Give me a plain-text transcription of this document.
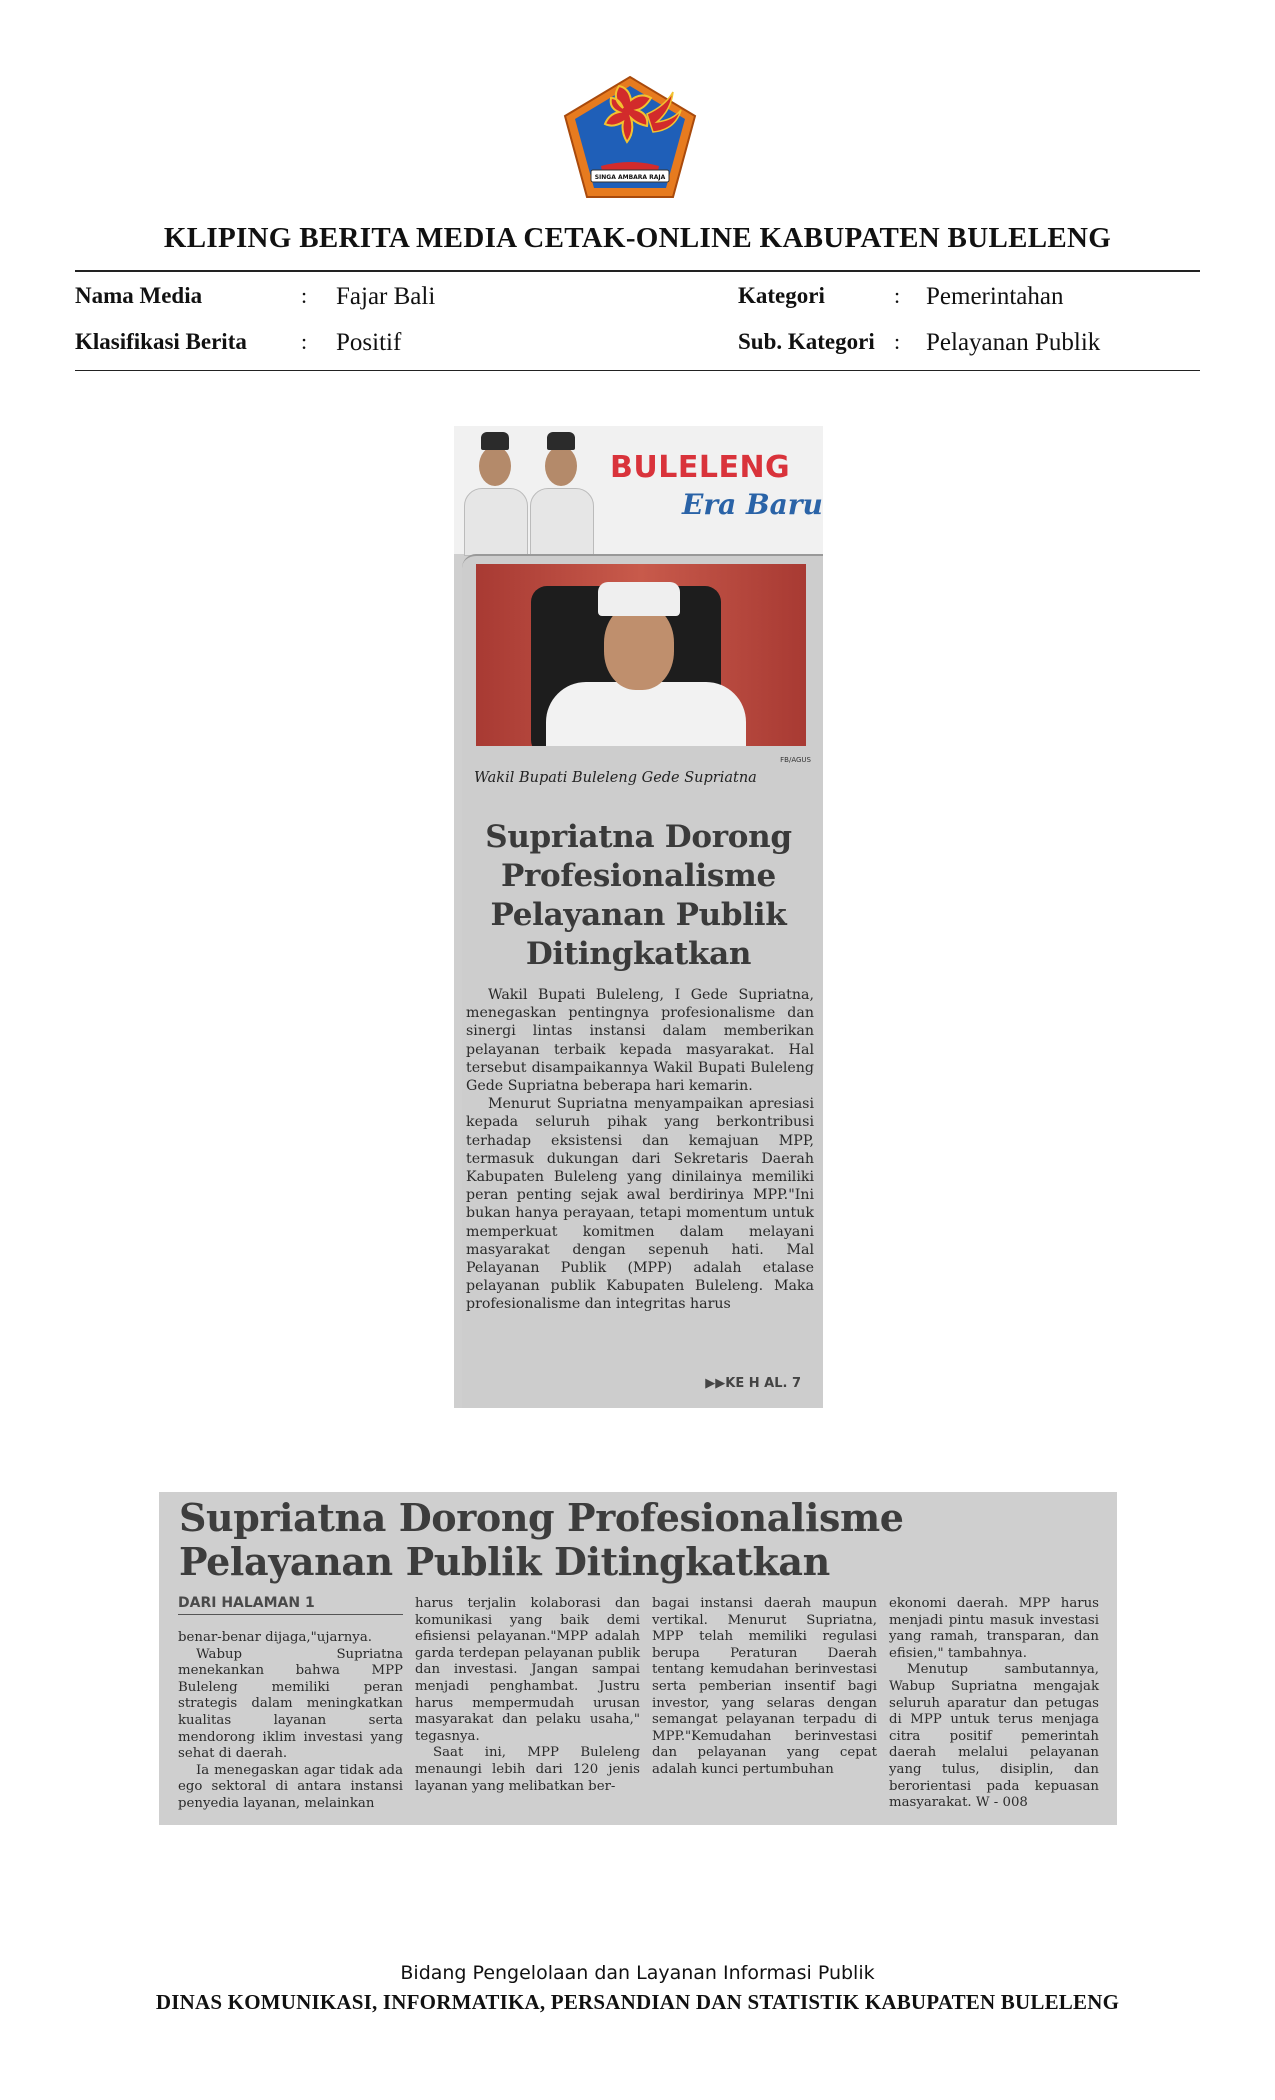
SINGA AMBARA RAJA
KLIPING BERITA MEDIA CETAK-ONLINE KABUPATEN BULELENG
Nama Media	: Fajar Bali
Klasifikasi Berita : Positif
Kategori	: Pemerintahan
Sub. Kategori : Pelayanan Publik
BULELENG
Era Baru
FB/AGUS
Wakil Bupati Buleleng Gede Supriatna
Supriatna Dorong Profesionalisme Pelayanan Publik Ditingkatkan

Wakil Bupati Buleleng, I Gede Supriatna, menegaskan pentingnya profesionalisme dan sinergi lintas instansi dalam memberikan pelayanan terbaik kepada masyarakat. Hal tersebut disampaikannya Wakil Bupati Buleleng Gede Supriatna beberapa hari kemarin.

Menurut Supriatna menyampaikan apresiasi kepada seluruh pihak yang berkontribusi terhadap eksistensi dan kemajuan MPP, termasuk dukungan dari Sekretaris Daerah Kabupaten Buleleng yang dinilainya memiliki peran penting sejak awal berdirinya MPP."Ini bukan hanya perayaan, tetapi momentum untuk memperkuat komitmen dalam melayani masyarakat dengan sepenuh hati. Mal Pelayanan Publik (MPP) adalah etalase pelayanan publik Kabupaten Buleleng. Maka profesionalisme dan integritas harus

▶▶KE H AL. 7
Supriatna Dorong Profesionalisme
Pelayanan Publik Ditingkatkan
DARI HALAMAN 1

benar-benar dijaga,"ujarnya.

Wabup Supriatna menekankan bahwa MPP Buleleng memiliki peran strategis dalam meningkatkan kualitas layanan serta mendorong iklim investasi yang sehat di daerah.

Ia menegaskan agar tidak ada ego sektoral di antara instansi penyedia layanan, melainkan

harus terjalin kolaborasi dan komunikasi yang baik demi efisiensi pelayanan."MPP adalah garda terdepan pelayanan publik dan investasi. Jangan sampai menjadi penghambat. Justru harus mempermudah urusan masyarakat dan pelaku usaha," tegasnya.

Saat ini, MPP Buleleng menaungi lebih dari 120 jenis layanan yang melibatkan ber-

bagai instansi daerah maupun vertikal. Menurut Supriatna, MPP telah memiliki regulasi berupa Peraturan Daerah tentang kemudahan berinvestasi serta pemberian insentif bagi investor, yang selaras dengan semangat pelayanan terpadu di MPP."Kemudahan berinvestasi dan pelayanan yang cepat adalah kunci pertumbuhan

ekonomi daerah. MPP harus menjadi pintu masuk investasi yang ramah, transparan, dan efisien," tambahnya.

Menutup sambutannya, Wabup Supriatna mengajak seluruh aparatur dan petugas di MPP untuk terus menjaga citra positif pemerintah daerah melalui pelayanan yang tulus, disiplin, dan berorientasi pada kepuasan masyarakat. W - 008

Bidang Pengelolaan dan Layanan Informasi Publik
DINAS KOMUNIKASI, INFORMATIKA, PERSANDIAN DAN STATISTIK KABUPATEN BULELENG
